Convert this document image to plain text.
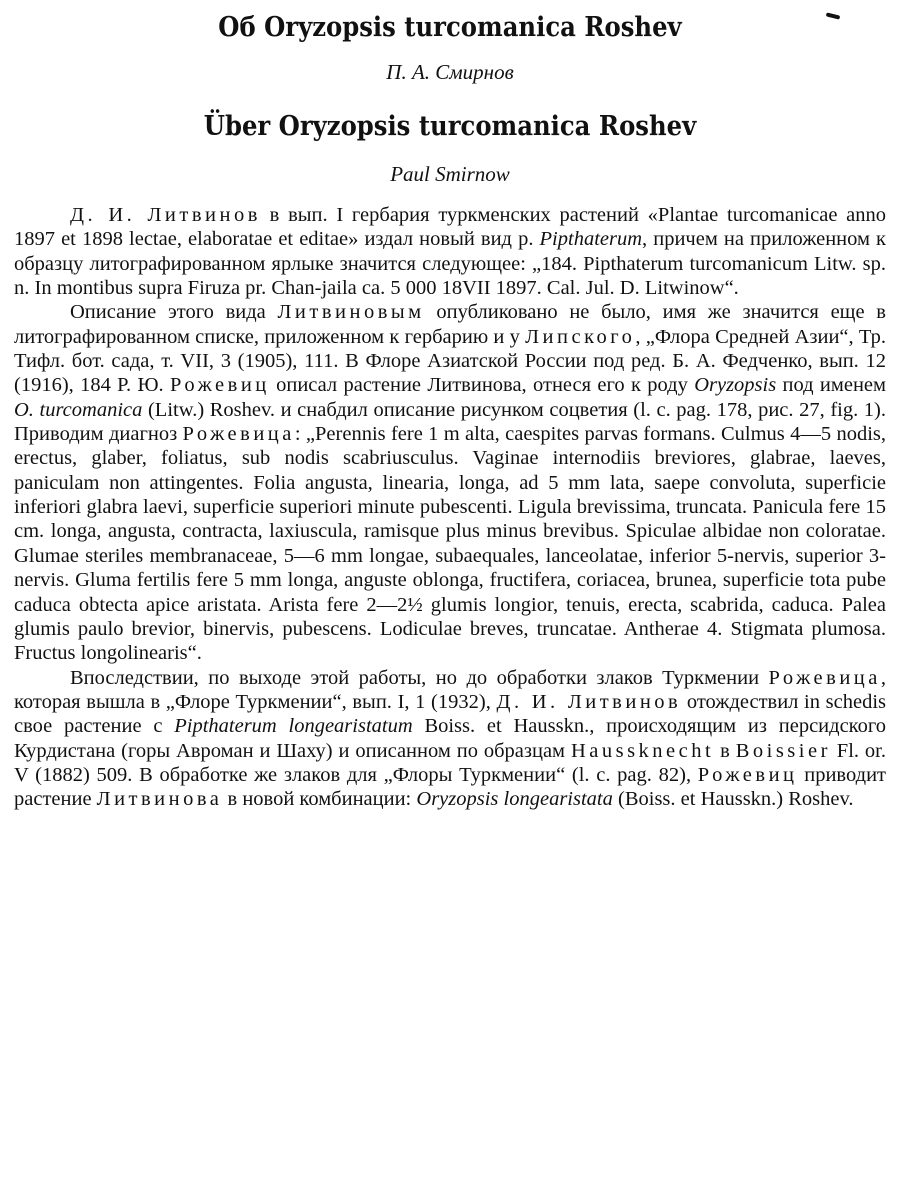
Об Oryzopsis turcomanica Roshev
П. А. Смирнов
Über Oryzopsis turcomanica Roshev
Paul Smirnow

Д. И. Литвинов в вып. I гербария туркменских растений «Plantae turcomanicae anno 1897 et 1898 lectae, elaboratae et editae» издал новый вид р. Pipthaterum, причем на приложенном к образцу литографированном ярлыке значится следующее: „184. Pipthaterum turcomanicum Litw. sp. n. In montibus supra Firuza pr. Chan-jaila ca. 5 000 18VII 1897. Cal. Jul. D. Litwinow“.

Описание этого вида Литвиновым опубликовано не было, имя же значится еще в литографированном списке, приложенном к гербарию и у Липского, „Флора Средней Азии“, Тр. Тифл. бот. сада, т. VII, 3 (1905), 111. В Флоре Азиатской России под ред. Б. А. Федченко, вып. 12 (1916), 184 Р. Ю. Рожевиц описал растение Литвинова, отнеся его к роду Oryzopsis под именем O. turcomanica (Litw.) Roshev. и снабдил описание рисунком соцветия (l. c. pag. 178, рис. 27, fig. 1). Приводим диагноз Рожевица: „Perennis fere 1 m alta, caespites parvas formans. Culmus 4—5 nodis, erectus, glaber, foliatus, sub nodis scabriusculus. Vaginae internodiis breviores, glabrae, laeves, paniculam non attingentes. Folia angusta, linearia, longa, ad 5 mm lata, saepe convoluta, superficie inferiori glabra laevi, superficie superiori minute pubescenti. Ligula brevissima, truncata. Panicula fere 15 cm. longa, angusta, contracta, laxiuscula, ramisque plus minus brevibus. Spiculae albidae non coloratae. Glumae steriles membranaceae, 5—6 mm longae, subaequales, lanceolatae, inferior 5-nervis, superior 3-nervis. Gluma fertilis fere 5 mm longa, anguste oblonga, fructifera, coriacea, brunea, superficie tota pube caduca obtecta apice aristata. Arista fere 2—2½ glumis longior, tenuis, erecta, scabrida, caduca. Palea glumis paulo brevior, binervis, pubescens. Lodiculae breves, truncatae. Antherae 4. Stigmata plumosa. Fructus longolinearis“.

Впоследствии, по выходе этой работы, но до обработки злаков Туркмении Рожевица, которая вышла в „Флоре Туркмении“, вып. I, 1 (1932), Д. И. Литвинов отождествил in schedis свое растение с Pipthaterum longearistatum Boiss. et Hausskn., происходящим из персидского Курдистана (горы Авроман и Шаху) и описанном по образцам Haussknecht в Boissier Fl. or. V (1882) 509. В обработке же злаков для „Флоры Туркмении“ (l. c. pag. 82), Рожевиц приводит растение Литвинова в новой комбинации: Oryzopsis longearistata (Boiss. et Hausskn.) Roshev.
